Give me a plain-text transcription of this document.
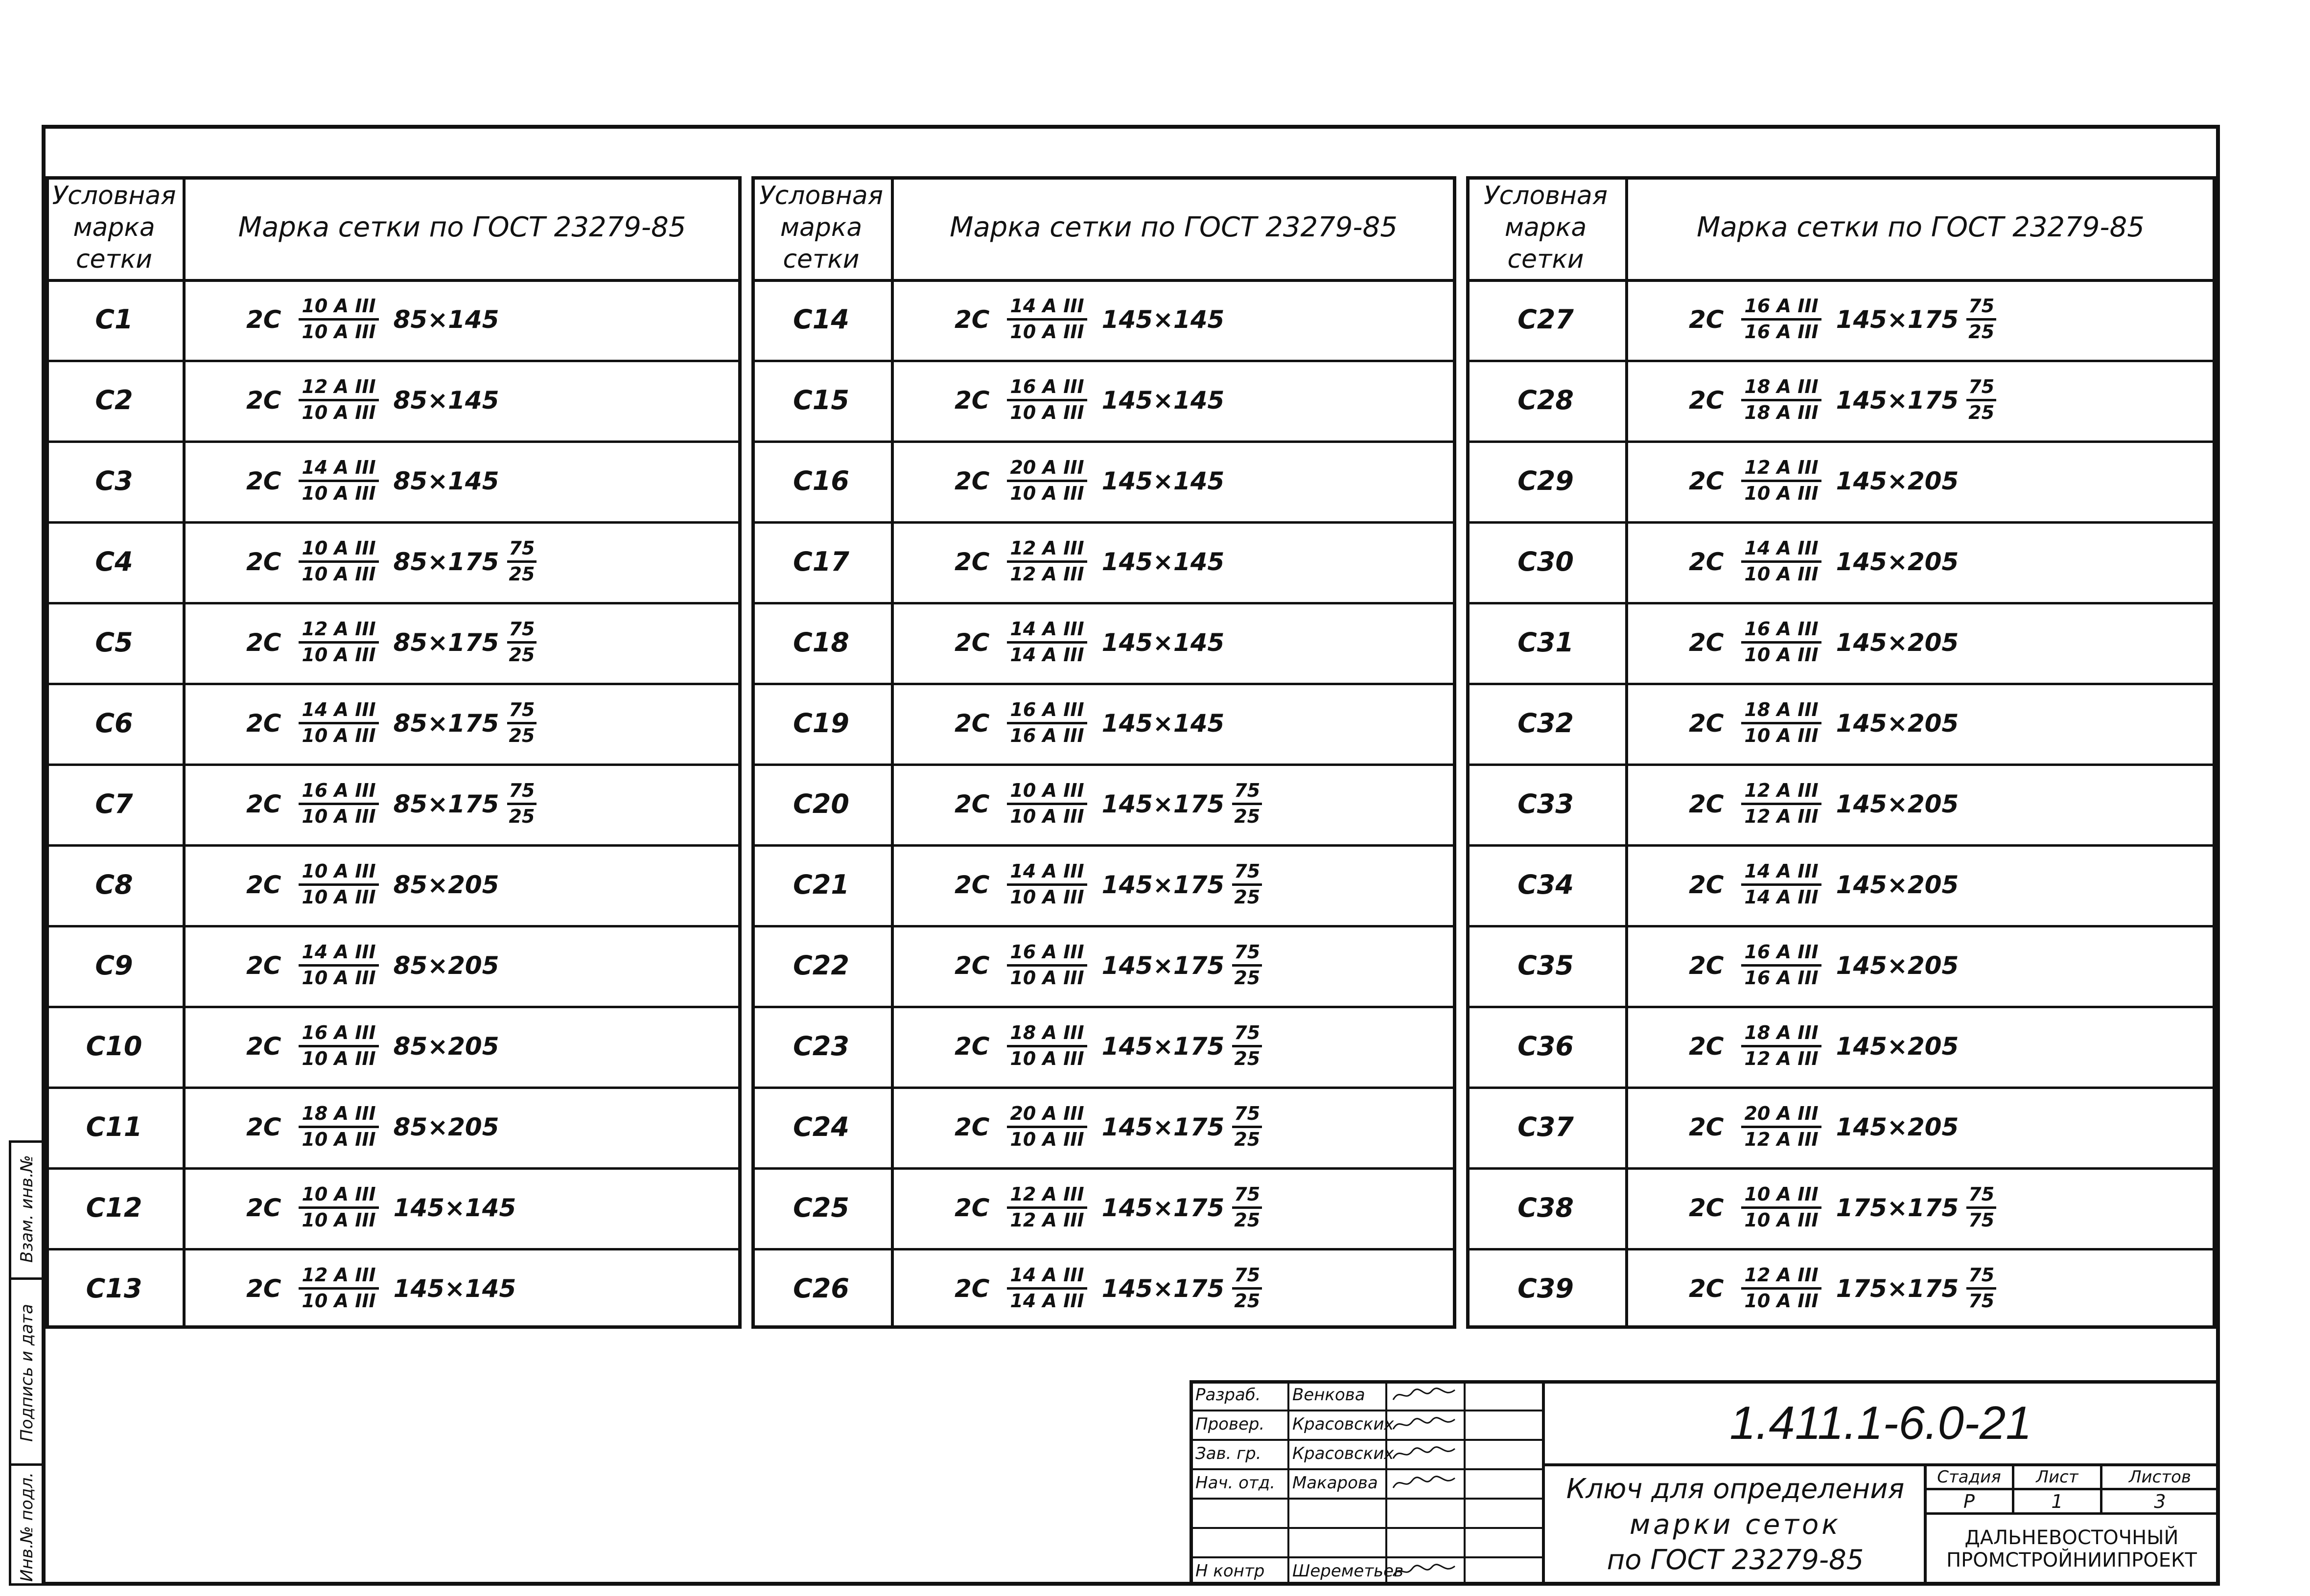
Инв.№ подл.
Подпись и дата
Взам. инв.№
Условная марка сетки
Марка сетки по ГОСТ 23279-85
С1	$2С \frac{\text{10 А III}}{\text{10 А III}} 85\times 145$
С2	$2С \frac{\text{12 А III}}{\text{10 А III}} 85\times 145$
С3	$2С \frac{\text{14 А III}}{\text{10 А III}} 85\times 145$
С4	$2С \frac{\text{10 А III}}{\text{10 А III}} 85\times 175 \frac{75}{25}$
С5	$2С \frac{\text{12 А III}}{\text{10 А III}} 85\times 175 \frac{75}{25}$
С6	$2С \frac{\text{14 А III}}{\text{10 А III}} 85\times 175 \frac{75}{25}$
С7	$2С \frac{\text{16 А III}}{\text{10 А III}} 85\times 175 \frac{75}{25}$
С8	$2С \frac{\text{10 А III}}{\text{10 А III}} 85\times 205$
С9	$2С \frac{\text{14 А III}}{\text{10 А III}} 85\times 205$
С10	$2С \frac{\text{16 А III}}{\text{10 А III}} 85\times 205$
С11	$2С \frac{\text{18 А III}}{\text{10 А III}} 85\times 205$
С12	$2С \frac{\text{10 А III}}{\text{10 А III}} 145\times 145$
С13	$2С \frac{\text{12 А III}}{\text{10 А III}} 145\times 145$
Условная марка сетки
Марка сетки по ГОСТ 23279-85
С14	$2С \frac{\text{14 А III}}{\text{10 А III}} 145\times 145$
С15	$2С \frac{\text{16 А III}}{\text{10 А III}} 145\times 145$
С16	$2С \frac{\text{20 А III}}{\text{10 А III}} 145\times 145$
С17	$2С \frac{\text{12 А III}}{\text{12 А III}} 145\times 145$
С18	$2С \frac{\text{14 А III}}{\text{14 А III}} 145\times 145$
С19	$2С \frac{\text{16 А III}}{\text{16 А III}} 145\times 145$
С20	$2С \frac{\text{10 А III}}{\text{10 А III}} 145\times 175 \frac{75}{25}$
С21	$2С \frac{\text{14 А III}}{\text{10 А III}} 145\times 175 \frac{75}{25}$
С22	$2С \frac{\text{16 А III}}{\text{10 А III}} 145\times 175 \frac{75}{25}$
С23	$2С \frac{\text{18 А III}}{\text{10 А III}} 145\times 175 \frac{75}{25}$
С24	$2С \frac{\text{20 А III}}{\text{10 А III}} 145\times 175 \frac{75}{25}$
С25	$2С \frac{\text{12 А III}}{\text{12 А III}} 145\times 175 \frac{75}{25}$
С26	$2С \frac{\text{14 А III}}{\text{14 А III}} 145\times 175 \frac{75}{25}$
Условная марка сетки
Марка сетки по ГОСТ 23279-85
С27	$2С \frac{\text{16 А III}}{\text{16 А III}} 145\times 175 \frac{75}{25}$
С28	$2С \frac{\text{18 А III}}{\text{18 А III}} 145\times 175 \frac{75}{25}$
С29	$2С \frac{\text{12 А III}}{\text{10 А III}} 145\times 205$
С30	$2С \frac{\text{14 А III}}{\text{10 А III}} 145\times 205$
С31	$2С \frac{\text{16 А III}}{\text{10 А III}} 145\times 205$
С32	$2С \frac{\text{18 А III}}{\text{10 А III}} 145\times 205$
С33	$2С \frac{\text{12 А III}}{\text{12 А III}} 145\times 205$
С34	$2С \frac{\text{14 А III}}{\text{14 А III}} 145\times 205$
С35	$2С \frac{\text{16 А III}}{\text{16 А III}} 145\times 205$
С36	$2С \frac{\text{18 А III}}{\text{12 А III}} 145\times 205$
С37	$2С \frac{\text{20 А III}}{\text{12 А III}} 145\times 205$
С38	$2С \frac{\text{10 А III}}{\text{10 А III}} 175\times 175 \frac{75}{75}$
С39	$2С \frac{\text{12 А III}}{\text{10 А III}} 175\times 175 \frac{75}{75}$
Стадия	Лист	Листов
Р	1	3
1.411.1-6.0-21
Ключ для определения
марки сеток
по ГОСТ 23279-85
ДАЛЬНЕВОСТОЧНЫЙ
ПРОМСТРОЙНИИПРОЕКТ
Разраб. Венкова
Провер. Красовских
Зав. гр. Красовских
Нач. отд. Макарова
Н контр Шереметьев
